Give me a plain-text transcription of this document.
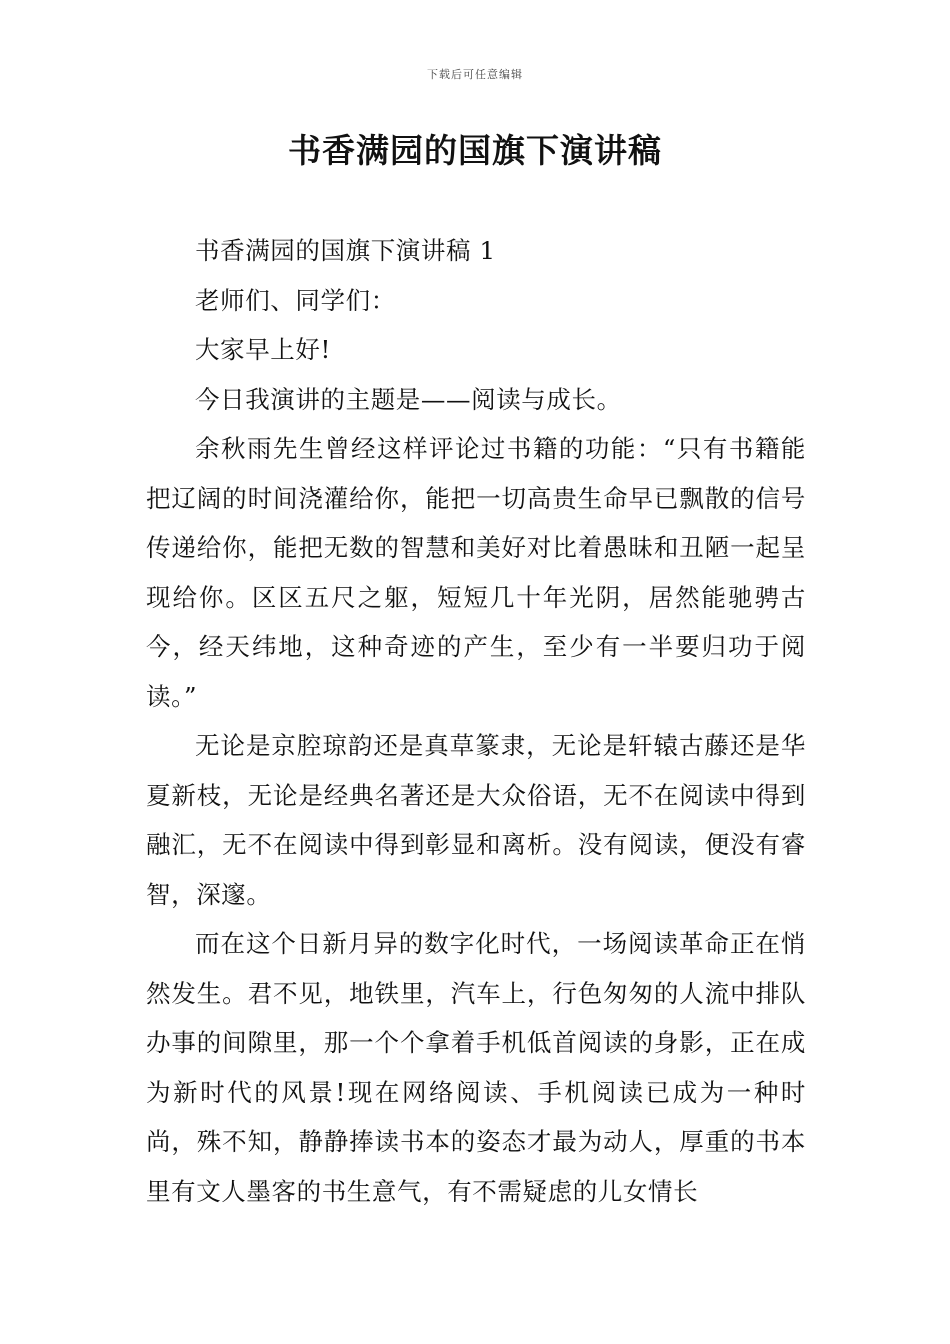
下载后可任意编辑
书香满园的国旗下演讲稿

书香满园的国旗下演讲稿 1

老师们、同学们：

大家早上好!

今日我演讲的主题是——阅读与成长。

余秋雨先生曾经这样评论过书籍的功能：“只有书籍能把辽阔的时间浇灌给你，能把一切高贵生命早已飘散的信号传递给你，能把无数的智慧和美好对比着愚昧和丑陋一起呈现给你。区区五尺之躯，短短几十年光阴，居然能驰骋古今，经天纬地，这种奇迹的产生，至少有一半要归功于阅读。”

无论是京腔琼韵还是真草篆隶，无论是轩辕古藤还是华夏新枝，无论是经典名著还是大众俗语，无不在阅读中得到融汇，无不在阅读中得到彰显和离析。没有阅读，便没有睿智，深邃。

而在这个日新月异的数字化时代，一场阅读革命正在悄然发生。君不见，地铁里，汽车上，行色匆匆的人流中排队办事的间隙里，那一个个拿着手机低首阅读的身影，正在成为新时代的风景!现在网络阅读、手机阅读已成为一种时尚，殊不知，静静捧读书本的姿态才最为动人，厚重的书本里有文人墨客的书生意气，有不需疑虑的儿女情长
